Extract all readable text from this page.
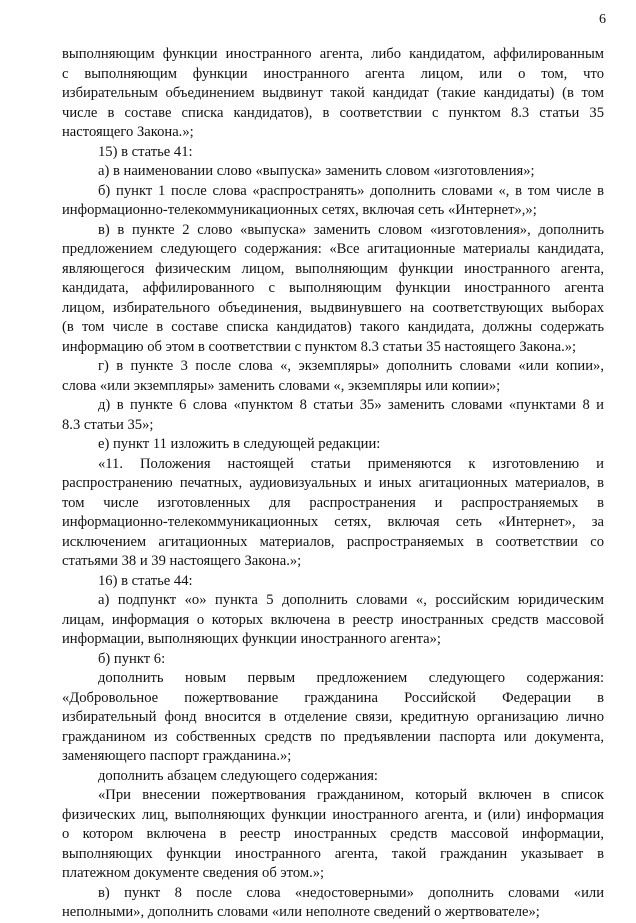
6
выполняющим функции иностранного агента, либо кандидатом, аффилированным
с выполняющим функции иностранного агента лицом, или о том, что
избирательным объединением выдвинут такой кандидат (такие кандидаты) (в том
числе в составе списка кандидатов), в соответствии с пунктом 8.3 статьи 35
настоящего Закона.»;
15) в статье 41:
а) в наименовании слово «выпуска» заменить словом «изготовления»;
б) пункт 1 после слова «распространять» дополнить словами «, в том числе в
информационно-телекоммуникационных сетях, включая сеть «Интернет»,»;
в) в пункте 2 слово «выпуска» заменить словом «изготовления», дополнить
предложением следующего содержания: «Все агитационные материалы кандидата,
являющегося физическим лицом, выполняющим функции иностранного агента,
кандидата, аффилированного с выполняющим функции иностранного агента
лицом, избирательного объединения, выдвинувшего на соответствующих выборах
(в том числе в составе списка кандидатов) такого кандидата, должны содержать
информацию об этом в соответствии с пунктом 8.3 статьи 35 настоящего Закона.»;
г) в пункте 3 после слова «, экземпляры» дополнить словами «или копии»,
слова «или экземпляры» заменить словами «, экземпляры или копии»;
д) в пункте 6 слова «пунктом 8 статьи 35» заменить словами «пунктами 8 и
8.3 статьи 35»;
е) пункт 11 изложить в следующей редакции:
«11. Положения настоящей статьи применяются к изготовлению и
распространению печатных, аудиовизуальных и иных агитационных материалов, в
том числе изготовленных для распространения и распространяемых в
информационно-телекоммуникационных сетях, включая сеть «Интернет», за
исключением агитационных материалов, распространяемых в соответствии со
статьями 38 и 39 настоящего Закона.»;
16) в статье 44:
а) подпункт «о» пункта 5 дополнить словами «, российским юридическим
лицам, информация о которых включена в реестр иностранных средств массовой
информации, выполняющих функции иностранного агента»;
б) пункт 6:
дополнить новым первым предложением следующего содержания:
«Добровольное пожертвование гражданина Российской Федерации в
избирательный фонд вносится в отделение связи, кредитную организацию лично
гражданином из собственных средств по предъявлении паспорта или документа,
заменяющего паспорт гражданина.»;
дополнить абзацем следующего содержания:
«При внесении пожертвования гражданином, который включен в список
физических лиц, выполняющих функции иностранного агента, и (или) информация
о котором включена в реестр иностранных средств массовой информации,
выполняющих функции иностранного агента, такой гражданин указывает в
платежном документе сведения об этом.»;
в) пункт 8 после слова «недостоверными» дополнить словами «или
неполными», дополнить словами «или неполноте сведений о жертвователе»;
